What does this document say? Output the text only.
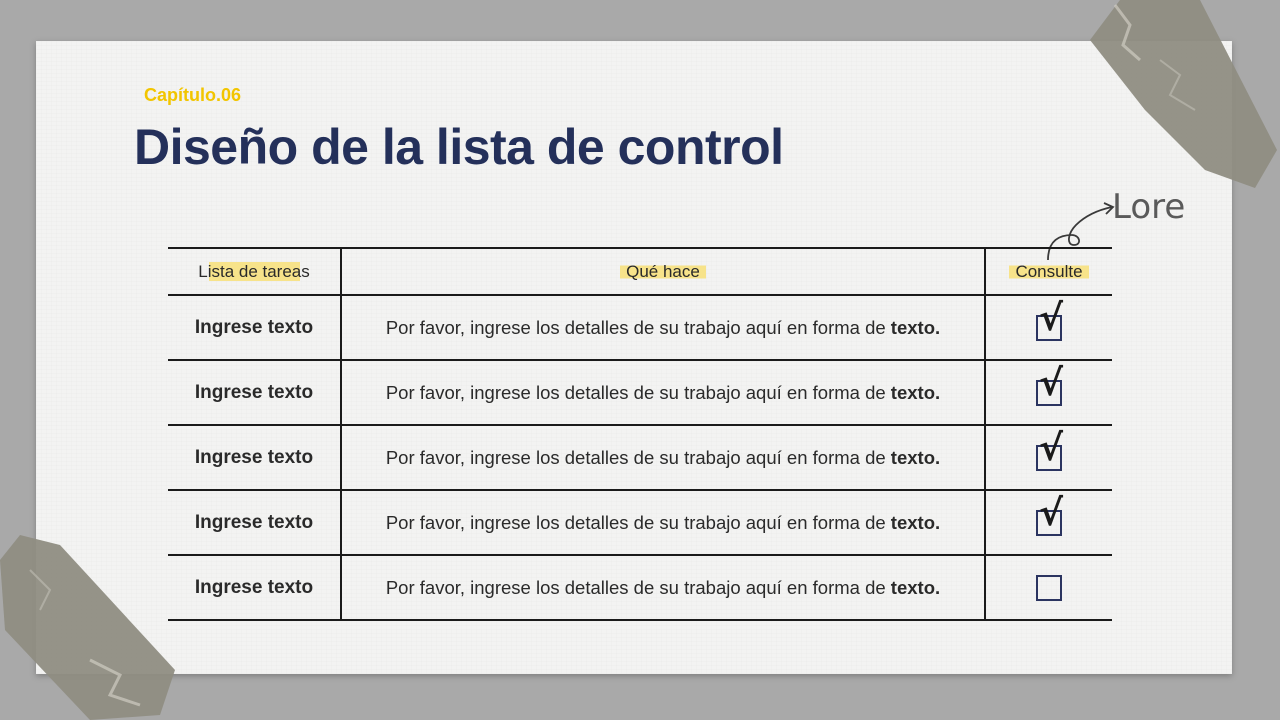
Capítulo.06
Diseño de la lista de control
Lore
Lista de tareas	Qué hace	Consulte
Ingrese texto	Por favor, ingrese los detalles de su trabajo aquí en forma de texto.	√

Ingrese texto	Por favor, ingrese los detalles de su trabajo aquí en forma de texto.	√

Ingrese texto	Por favor, ingrese los detalles de su trabajo aquí en forma de texto.	√

Ingrese texto	Por favor, ingrese los detalles de su trabajo aquí en forma de texto.	√

Ingrese texto	Por favor, ingrese los detalles de su trabajo aquí en forma de texto.	
